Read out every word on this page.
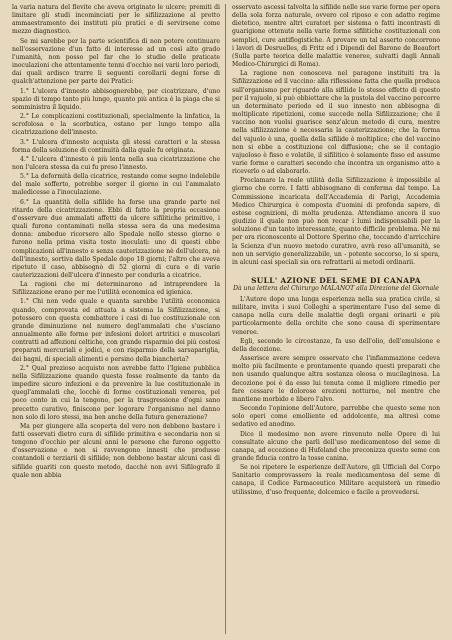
la varia natura del flevite che aveva originato le ulcere; premiti di limitare gli studi incominciati per le sifilizzazione al pretto ammaestramento dei instituti più pratici e di servirsene come mezzo diagnostico.

Se mi sarebbe per la parte scientifica di non potere continuare nell'osservazione d'un fatto di interesse ad un così alto grado l'umanità, non posso pel far che lo studio delle praticate inoculazioni che attentamente tenni d'occhio nei varii loro periodi, dai quali ardisco trarre li seguenti corollarii degni forse di qualch'attenzione per parte dei Pratici:

1.° L'ulcera d'innesto abbisognerebbe, per cicatrizzare, d'uno spazio di tempo tanto più lungo, quanto più antica è la piaga che si somministra il liquido.

2.° Le complicazioni costituzionali, specialmente la linfatica, la scrofolosa e la scorbutica, ostano per lungo tempo alla cicatrizzazione dell'innesto.

3.° L'ulcera d'innesto acquista gli stessi caratteri e la stessa forma della soluzione di continuità dalla quale fu originata.

4.° L'ulcera d'innesto è più lenta nella sua cicatrizzazione che non l'ulcera stessa da cui fu preso l'innesto.

5.° La deformità della cicatrice, restando come segno indelebile del male sofferto, potrebbe sorger il giorno in cui l'ammalato maledicesse a l'inoculazione.

6.° La quantità della sifilide ha forse una grande parte nel ritardo della cicatrizzazione. Ebbi di fatto la propria occasione d'osservare due ammalati affetti da ulcere sifilitiche primitive, i quali furono contaminati nella stessa sera da una medesima donna: ambedue ricorsero allo Spedale nello stesso giorno e furono nella prima visita tosto inoculati: uno di questi ebbe complicazioni all'innesto e senza cauterizzazione nè dell'ulcera, nè dell'innesto, sortiva dallo Spedale dopo 18 giorni; l'altro che aveva ripetuto il caso, abbisognò di 52 giorni di cura e di varie cauterizzazioni dell'ulcera d'innesto per condurla a cicatrice.

La ragioni che mi determinarono ad intraprendere la Sifilizzazione erano per me l'utilità economica ed igienica.

1.° Chi non vede quale e quanta sarebbe l'utilità economica quando, comprovata ed attuata a sistema la Sifilizzazione, si potessero con questa combattere i casi di lue costituzionale con grande diminuzione nel numero degl'ammalati che s'usciano annualmente alle forme per infesioni dolori artritici e muscolari contratti ad affezioni celtiche, con grande risparmio dei più costosi preparati mercuriali e jodici, e con risparmio della sarsapariglia, dei bagni, di speciali alimenti e persino della biancheria?

2.° Qual prezioso acquisto non avrebbe fatto l'Igiene pubblica nella Sifilizzazione quando questa fosse realmente da tanto da impedire sicuro infezioni e da prevenire la lue costituzionale in quegl'ammalati che, locchè di forme costituzionali venerea, pel poco conto in cui la tengono, per la trasgressione d'ogni sano precetto curativo, finiscono per logorare l'organismo nel danno non solo di loro stessi, ma ben anche della futura generazione?

Ma per giungere alla scoperta del vero non debbono bastare i fatti osservati dietro cura di sifilide primitiva e secondaria non si tengono d'occhio per alcuni anni le persone che furono oggetto d'osservazione e non si ravvengono innesti che produsse contandoli e terziarii di sifilide; non debbono bastar alcuni casi di sifilide guariti con questo metodo, dacchè non avvi Sifilografo il quale non abbia

osservato ascessi talvolta la sifilide nelle sue varie forme per opera della sola forza naturale, ovvero col riposo e con adatto regime dietetico, mentre altri curatori per sistema o fatti incontrasti di guarigione ottenute nella varie forme sifilitiche costituzionali con semplici, cure antiflogistiche. A provare un tal asserto concorrono i lavori di Desruelles, di Fritz ed i Dipendi del Barone de Beaufort (Sulla parte teorica delle malattie veneree, sulvatti dagli Annali Medico-Chirurgici di Roma).

La ragione non conosceva nel paragone instituiti tra la Sifilizzazione ed il vaccino: alla riflessione fatta che quella produca sull'organismo per riguardo alla sifilide lo stesso effetto di questo per il vajuolo, si può obbiettare che la pustola del vaccino percorre un determinato periodo ed il suo innesto non abbisogna di moltiplicate ripetizioni, come succede nella Sifilizzazione; che il vaccino non vuolsi guarisce senz'alcun metodo di cura, mentre nella sifilizzazione è necessaria la cauterizzazione; che la forma del vajuolo è una, quella della sifilide è moltiplice; che del vaccino non si ebbe a costituzione col diffusione; che se il contagio vajuoloso è fisso e volatile, il sifilitico è solamente fisso ed assume varie forme e caratteri secondo che incontra un organismo atto a riceverlo o ad elaborarlo.

Proclamare la reale utilità della Sifilizzazione è impossibile al giorno che corre. I fatti abbisognano di conferma dal tempo. La Commissione incaricata dell'Accademia di Parigi, Accademia Medico Chirurgica è composta d'uomini di profonda sapere, di estese cognizioni, di molta prudenza. Attendiamo ancora il suo giudizio il quale non può non recar i lumi indispensabili per la soluzione d'un tanto interessante, quanto difficile problema. Nè mi per ora riconoscente al Dottore Sperino che, toccando d'arricchire la Scienza d'un nuovo metodo curativo, avrà reso all'umanità, se non un servigio generalizzabile, un - potente soccorso, lo si spera, in alcuni casi speciali sia ora refrattarii ai metodi ordinarii.

SULL' AZIONE DEL SEME DI CANAPA
Dà una lettera del Chirurgo MALANOT alla Direzione del Giornale

L'Autore dopo una lunga esperienza nella sua pratica civile, si militare, invita i suoi Colleghi a sperimentare l'uso del seme di canapa nella cura delle malattie degli organi orinarii e più particolarmente della orchite che sono causa di sperimentare veneree.

Egli, secondo le circostanze, fa uso dell'olio, dell'emulsione e della decozione.

Asserisce avere sempre osservato che l'infiammazione cedeva molto più facilmente e prontamente quando questi preparati che non usando qualunque altra sostanza oleosa o mucilaginosa. La decozione poi è da esso lui tenuta come il migliore rimedio per fare cessare le dolorose erezioni notturne, nel mentre che mantiene morbido e libero l'alvo.

Secondo l'opinione dell'Autore, parrebbe che questo seme non solo operi come emolliente ed addolcente, ma altresì come sedativo ed anodino.

Dice il medesimo non avere rinvenuto nelle Opere di lui consultate alcuno che parli dell'uso medicamentoso del seme di canapa, ad eccezione di Hufeland che preconizza questo seme con grande fiducia contro la tosse canina.

Se noi ripetere le esperienze dell'Autore, gli Ufficiali del Corpo Sanitario comprovassero la reale medicamentosa del seme di canapa, il Codice Farmaceutico Militare acquisterà un rimedio utilissimo, d'uso frequente, dolcemico e facile a provvedersi.
